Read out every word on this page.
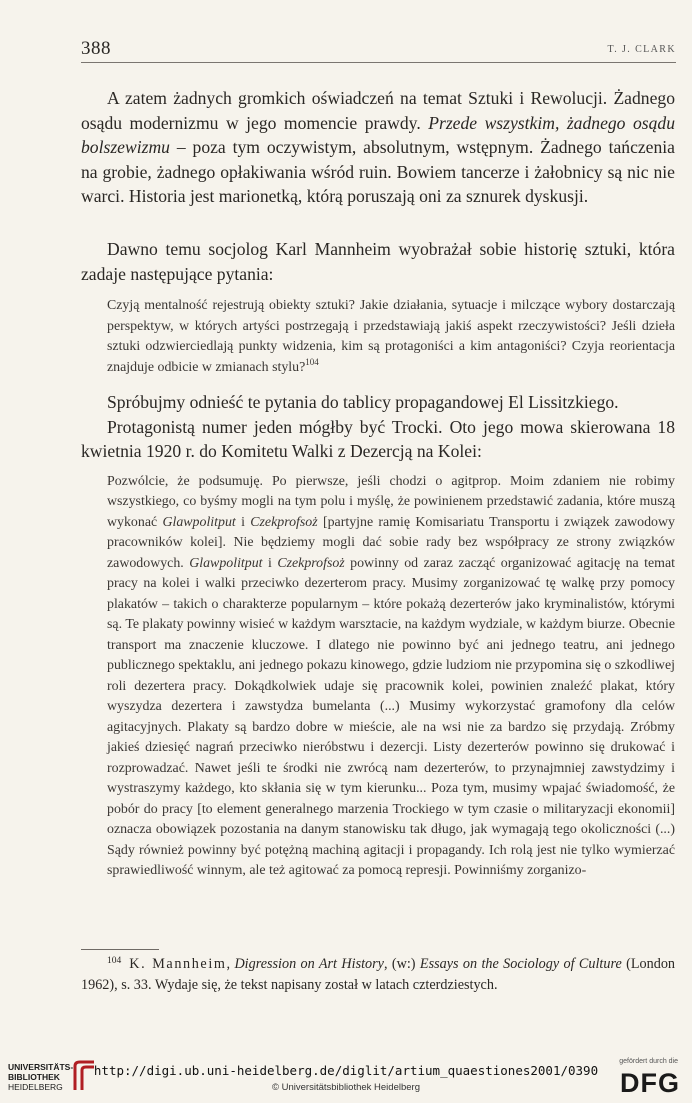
388	T. J. CLARK

A zatem żadnych gromkich oświadczeń na temat Sztuki i Rewolucji. Żadnego osądu modernizmu w jego momencie prawdy. Przede wszystkim, żadnego osądu bolszewizmu – poza tym oczywistym, absolutnym, wstępnym. Żadnego tańczenia na grobie, żadnego opłakiwania wśród ruin. Bowiem tancerze i żałobnicy są nic nie warci. Historia jest marionetką, którą poruszają oni za sznurek dyskusji.

Dawno temu socjolog Karl Mannheim wyobrażał sobie historię sztuki, która zadaje następujące pytania:

Czyją mentalność rejestrują obiekty sztuki? Jakie działania, sytuacje i milczące wybory dostarczają perspektyw, w których artyści postrzegają i przedstawiają jakiś aspekt rzeczywistości? Jeśli dzieła sztuki odzwierciedlają punkty widzenia, kim są protagoniści a kim antagoniści? Czyja reorientacja znajduje odbicie w zmianach stylu?$^{104}$

Spróbujmy odnieść te pytania do tablicy propagandowej El Lissitzkiego.

Protagonistą numer jeden mógłby być Trocki. Oto jego mowa skierowana 18 kwietnia 1920 r. do Komitetu Walki z Dezercją na Kolei:

Pozwólcie, że podsumuję. Po pierwsze, jeśli chodzi o agitprop. Moim zdaniem nie robimy wszystkiego, co byśmy mogli na tym polu i myślę, że powinienem przedstawić zadania, które muszą wykonać Glawpolitput i Czekprofsoż [partyjne ramię Komisariatu Transportu i związek zawodowy pracowników kolei]. Nie będziemy mogli dać sobie rady bez współpracy ze strony związków zawodowych. Glawpolitput i Czekprofsoż powinny od zaraz zacząć organizować agitację na temat pracy na kolei i walki przeciwko dezerterom pracy. Musimy zorganizować tę walkę przy pomocy plakatów – takich o charakterze popularnym – które pokażą dezerterów jako kryminalistów, którymi są. Te plakaty powinny wisieć w każdym warsztacie, na każdym wydziale, w każdym biurze. Obecnie transport ma znaczenie kluczowe. I dlatego nie powinno być ani jednego teatru, ani jednego publicznego spektaklu, ani jednego pokazu kinowego, gdzie ludziom nie przypomina się o szkodliwej roli dezertera pracy. Dokądkolwiek udaje się pracownik kolei, powinien znaleźć plakat, który wyszydza dezertera i zawstydza bumelanta (...) Musimy wykorzystać gramofony dla celów agitacyjnych. Plakaty są bardzo dobre w mieście, ale na wsi nie za bardzo się przydają. Zróbmy jakieś dziesięć nagrań przeciwko nieróbstwu i dezercji. Listy dezerterów powinno się drukować i rozprowadzać. Nawet jeśli te środki nie zwrócą nam dezerterów, to przynajmniej zawstydzimy i wystraszymy każdego, kto skłania się w tym kierunku... Poza tym, musimy wpajać świadomość, że pobór do pracy [to element generalnego marzenia Trockiego w tym czasie o militaryzacji ekonomii] oznacza obowiązek pozostania na danym stanowisku tak długo, jak wymagają tego okoliczności (...) Sądy również powinny być potężną machiną agitacji i propagandy. Ich rolą jest nie tylko wymierzać sprawiedliwość winnym, ale też agitować za pomocą represji. Powinniśmy zorganizo-

$^{104}$ K. Mannheim, Digression on Art History, (w:) Essays on the Sociology of Culture (London 1962), s. 33. Wydaje się, że tekst napisany został w latach czterdziestych.

UNIVERSITÄTS-
BIBLIOTHEK
HEIDELBERG
http://digi.ub.uni-heidelberg.de/diglit/artium_quaestiones2001/0390
© Universitätsbibliothek Heidelberg
gefördert durch die
DFG
